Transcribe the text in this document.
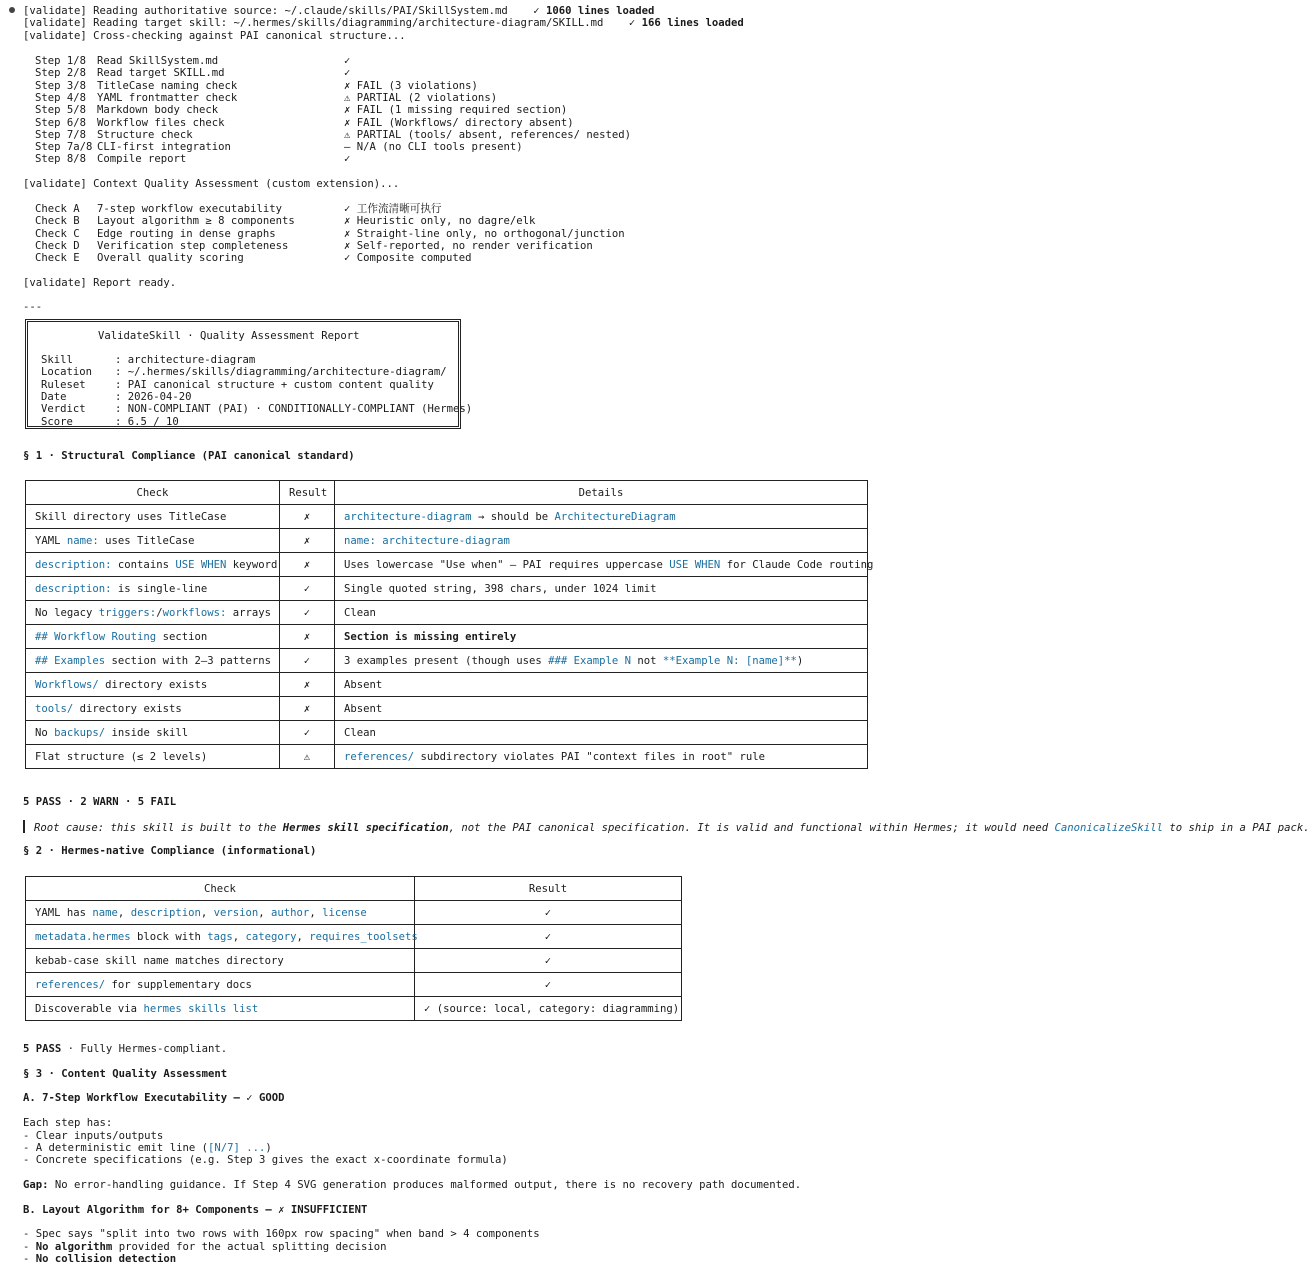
[validate] Reading authoritative source: ~/.claude/skills/PAI/SkillSystem.md ✓ 1060 lines loaded
[validate] Reading target skill: ~/.hermes/skills/diagramming/architecture-diagram/SKILL.md ✓ 166 lines loaded
[validate] Cross-checking against PAI canonical structure...
Step 1/8 Read SkillSystem.md	✓
Step 2/8 Read target SKILL.md	✓
Step 3/8 TitleCase naming check	✗ FAIL (3 violations)
Step 4/8 YAML frontmatter check	⚠ PARTIAL (2 violations)
Step 5/8 Markdown body check	✗ FAIL (1 missing required section)
Step 6/8 Workflow files check	✗ FAIL (Workflows/ directory absent)
Step 7/8 Structure check	⚠ PARTIAL (tools/ absent, references/ nested)
Step 7a/8 CLI-first integration	— N/A (no CLI tools present)
Step 8/8 Compile report	✓
[validate] Context Quality Assessment (custom extension)...
Check A 7-step workflow executability	✓ 工作流清晰可执行
Check B Layout algorithm ≥ 8 components	✗ Heuristic only, no dagre/elk
Check C Edge routing in dense graphs	✗ Straight-line only, no orthogonal/junction
Check D Verification step completeness	✗ Self-reported, no render verification
Check E Overall quality scoring	✓ Composite computed
[validate] Report ready.
---
ValidateSkill · Quality Assessment Report
Skill	: architecture-diagram
Location : ~/.hermes/skills/diagramming/architecture-diagram/
Ruleset	: PAI canonical structure + custom content quality
Date	: 2026-04-20
Verdict	: NON-COMPLIANT (PAI) · CONDITIONALLY-COMPLIANT (Hermes)
Score	: 6.5 / 10
§ 1 · Structural Compliance (PAI canonical standard)
Check	Result	Details
Skill directory uses TitleCase	✗	architecture-diagram → should be ArchitectureDiagram
YAML name: uses TitleCase	✗	name: architecture-diagram
description: contains USE WHEN keyword	✗	Uses lowercase "Use when" — PAI requires uppercase USE WHEN for Claude Code routing
description: is single-line	✓	Single quoted string, 398 chars, under 1024 limit
No legacy triggers:/workflows: arrays	✓	Clean
## Workflow Routing section	✗	Section is missing entirely
## Examples section with 2–3 patterns	✓	3 examples present (though uses ### Example N not **Example N: [name]**)
Workflows/ directory exists	✗	Absent
tools/ directory exists	✗	Absent
No backups/ inside skill	✓	Clean
Flat structure (≤ 2 levels)	⚠	references/ subdirectory violates PAI "context files in root" rule
5 PASS · 2 WARN · 5 FAIL
Root cause: this skill is built to the Hermes skill specification, not the PAI canonical specification. It is valid and functional within Hermes; it would need CanonicalizeSkill to ship in a PAI pack.
§ 2 · Hermes-native Compliance (informational)
Check	Result
YAML has name, description, version, author, license	✓
metadata.hermes block with tags, category, requires_toolsets	✓
kebab-case skill name matches directory	✓
references/ for supplementary docs	✓
Discoverable via hermes skills list	✓ (source: local, category: diagramming)
5 PASS · Fully Hermes-compliant.
§ 3 · Content Quality Assessment
A. 7-Step Workflow Executability — ✓ GOOD
Each step has:
- Clear inputs/outputs
- A deterministic emit line ([N/7] ...)
- Concrete specifications (e.g. Step 3 gives the exact x-coordinate formula)
Gap: No error-handling guidance. If Step 4 SVG generation produces malformed output, there is no recovery path documented.
B. Layout Algorithm for 8+ Components — ✗ INSUFFICIENT
- Spec says "split into two rows with 160px row spacing" when band > 4 components
- No algorithm provided for the actual splitting decision
- No collision detection
